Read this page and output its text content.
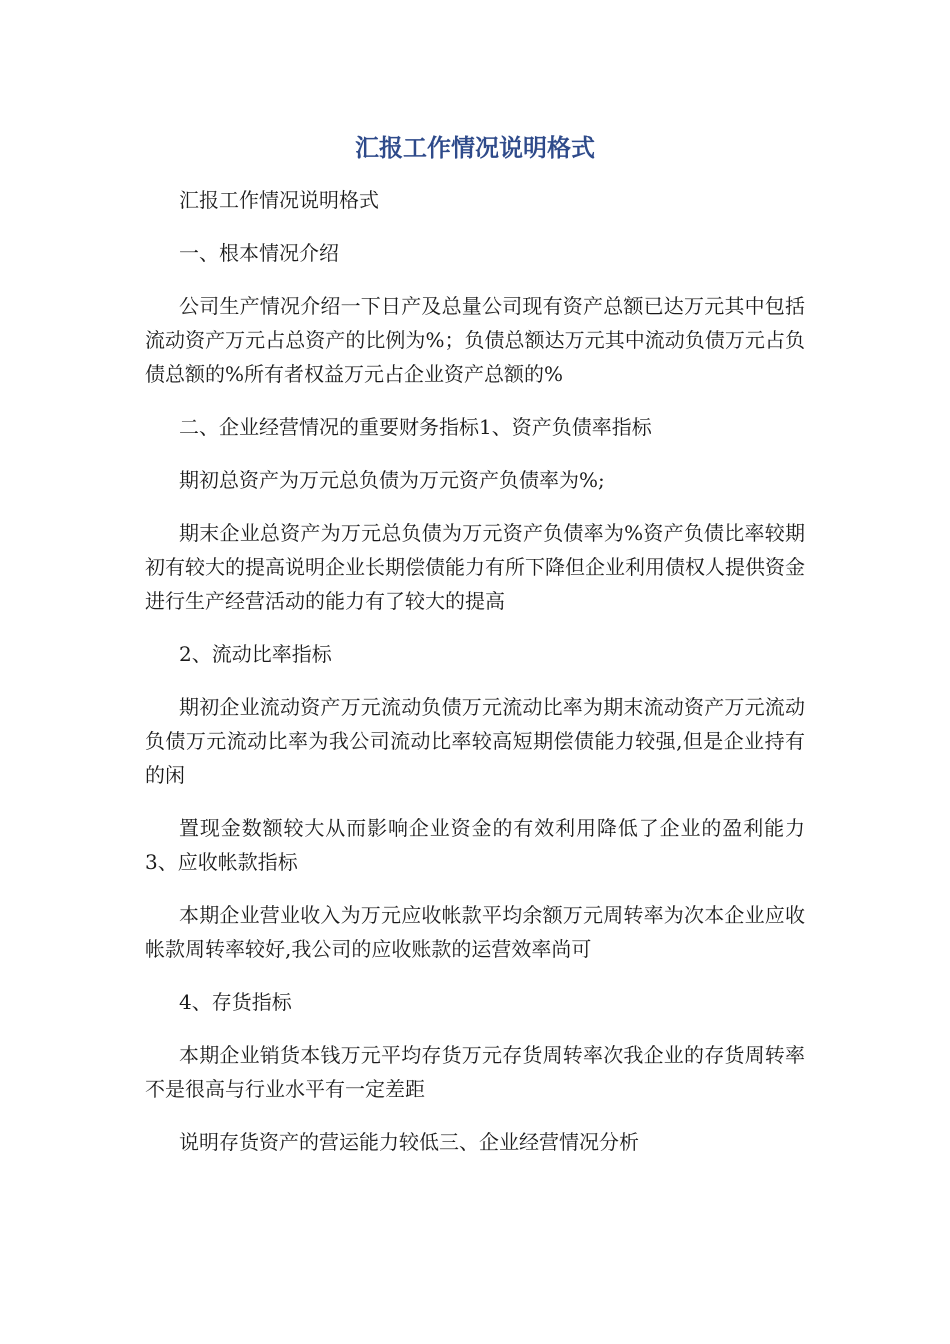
汇报工作情况说明格式

汇报工作情况说明格式

一、根本情况介绍

公司生产情况介绍一下日产及总量公司现有资产总额已达万元其中包括流动资产万元占总资产的比例为%；负债总额达万元其中流动负债万元占负债总额的%所有者权益万元占企业资产总额的%

二、企业经营情况的重要财务指标1、资产负债率指标

期初总资产为万元总负债为万元资产负债率为%;

期末企业总资产为万元总负债为万元资产负债率为%资产负债比率较期初有较大的提高说明企业长期偿债能力有所下降但企业利用债权人提供资金进行生产经营活动的能力有了较大的提高

2、流动比率指标

期初企业流动资产万元流动负债万元流动比率为期末流动资产万元流动负债万元流动比率为我公司流动比率较高短期偿债能力较强,但是企业持有的闲

置现金数额较大从而影响企业资金的有效利用降低了企业的盈利能力3、应收帐款指标

本期企业营业收入为万元应收帐款平均余额万元周转率为次本企业应收帐款周转率较好,我公司的应收账款的运营效率尚可

4、存货指标

本期企业销货本钱万元平均存货万元存货周转率次我企业的存货周转率不是很高与行业水平有一定差距

说明存货资产的营运能力较低三、企业经营情况分析
